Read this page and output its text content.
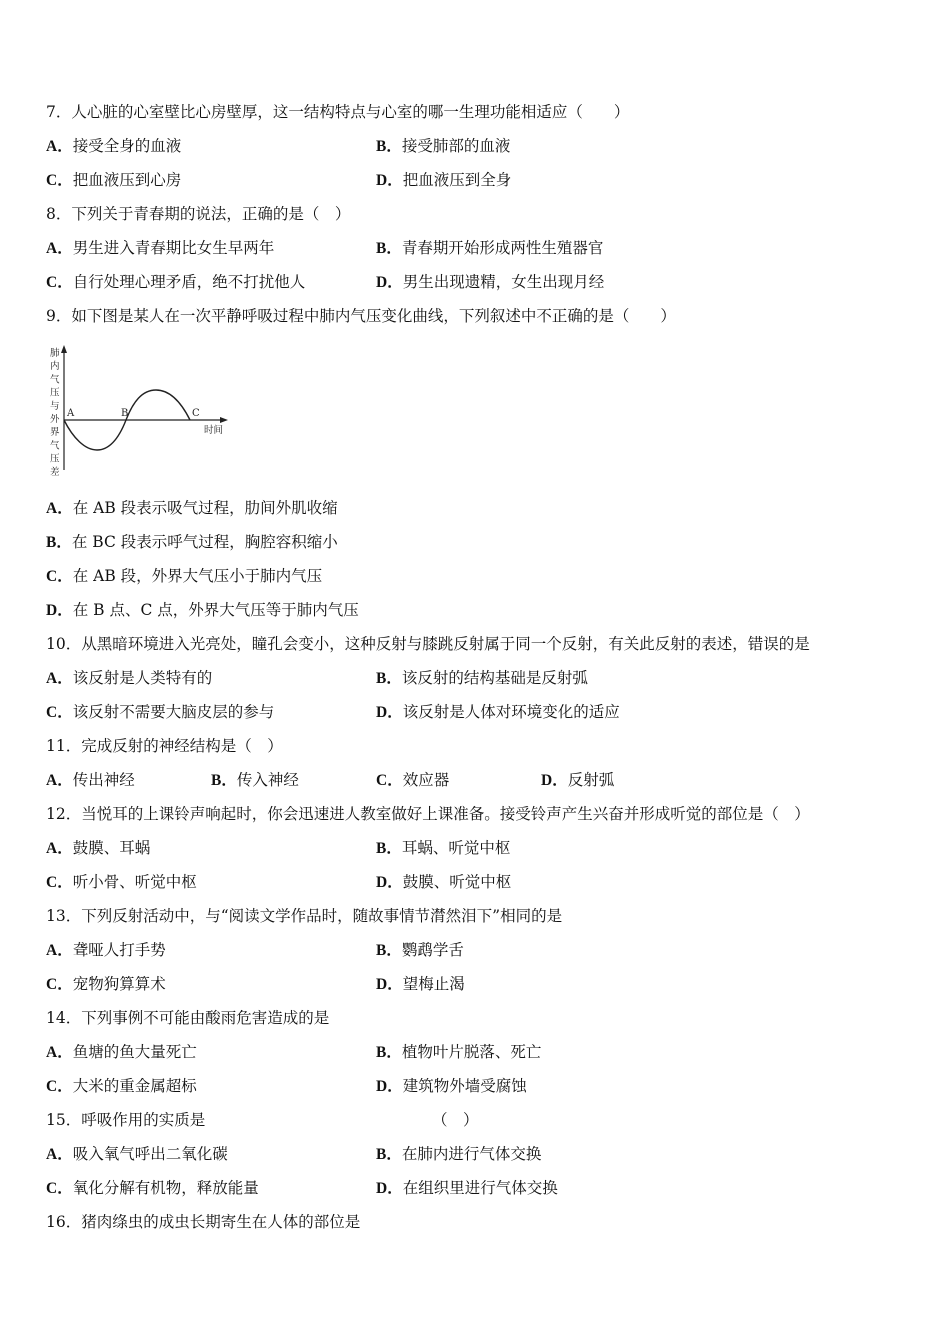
7．人心脏的心室壁比心房壁厚，这一结构特点与心室的哪一生理功能相适应（　　）
A．接受全身的血液	B．接受肺部的血液
C．把血液压到心房	D．把血液压到全身
8．下列关于青春期的说法，正确的是（　）
A．男生进入青春期比女生早两年	B．青春期开始形成两性生殖器官
C．自行处理心理矛盾，绝不打扰他人	D．男生出现遗精，女生出现月经
9．如下图是某人在一次平静呼吸过程中肺内气压变化曲线，下列叙述中不正确的是（　　）
肺内气压与外界气压差
时间
A	B	C
A．在 AB 段表示吸气过程，肋间外肌收缩
B．在 BC 段表示呼气过程，胸腔容积缩小
C．在 AB 段，外界大气压小于肺内气压
D．在 B 点、C 点，外界大气压等于肺内气压
10．从黑暗环境进入光亮处，瞳孔会变小，这种反射与膝跳反射属于同一个反射，有关此反射的表述，错误的是
A．该反射是人类特有的	B．该反射的结构基础是反射弧
C．该反射不需要大脑皮层的参与	D．该反射是人体对环境变化的适应
11．完成反射的神经结构是（　）
A．传出神经	B．传入神经	C．效应器	D．反射弧
12．当悦耳的上课铃声响起时，你会迅速进人教室做好上课准备。接受铃声产生兴奋并形成听觉的部位是（　）
A．鼓膜、耳蜗	B．耳蜗、听觉中枢
C．听小骨、听觉中枢	D．鼓膜、听觉中枢
13．下列反射活动中，与“阅读文学作品时，随故事情节潸然泪下”相同的是
A．聋哑人打手势	B．鹦鹉学舌
C．宠物狗算算术	D．望梅止渴
14．下列事例不可能由酸雨危害造成的是
A．鱼塘的鱼大量死亡	B．植物叶片脱落、死亡
C．大米的重金属超标	D．建筑物外墙受腐蚀
15．呼吸作用的实质是	（　）
A．吸入氧气呼出二氧化碳	B．在肺内进行气体交换
C．氧化分解有机物，释放能量	D．在组织里进行气体交换
16．猪肉绦虫的成虫长期寄生在人体的部位是
